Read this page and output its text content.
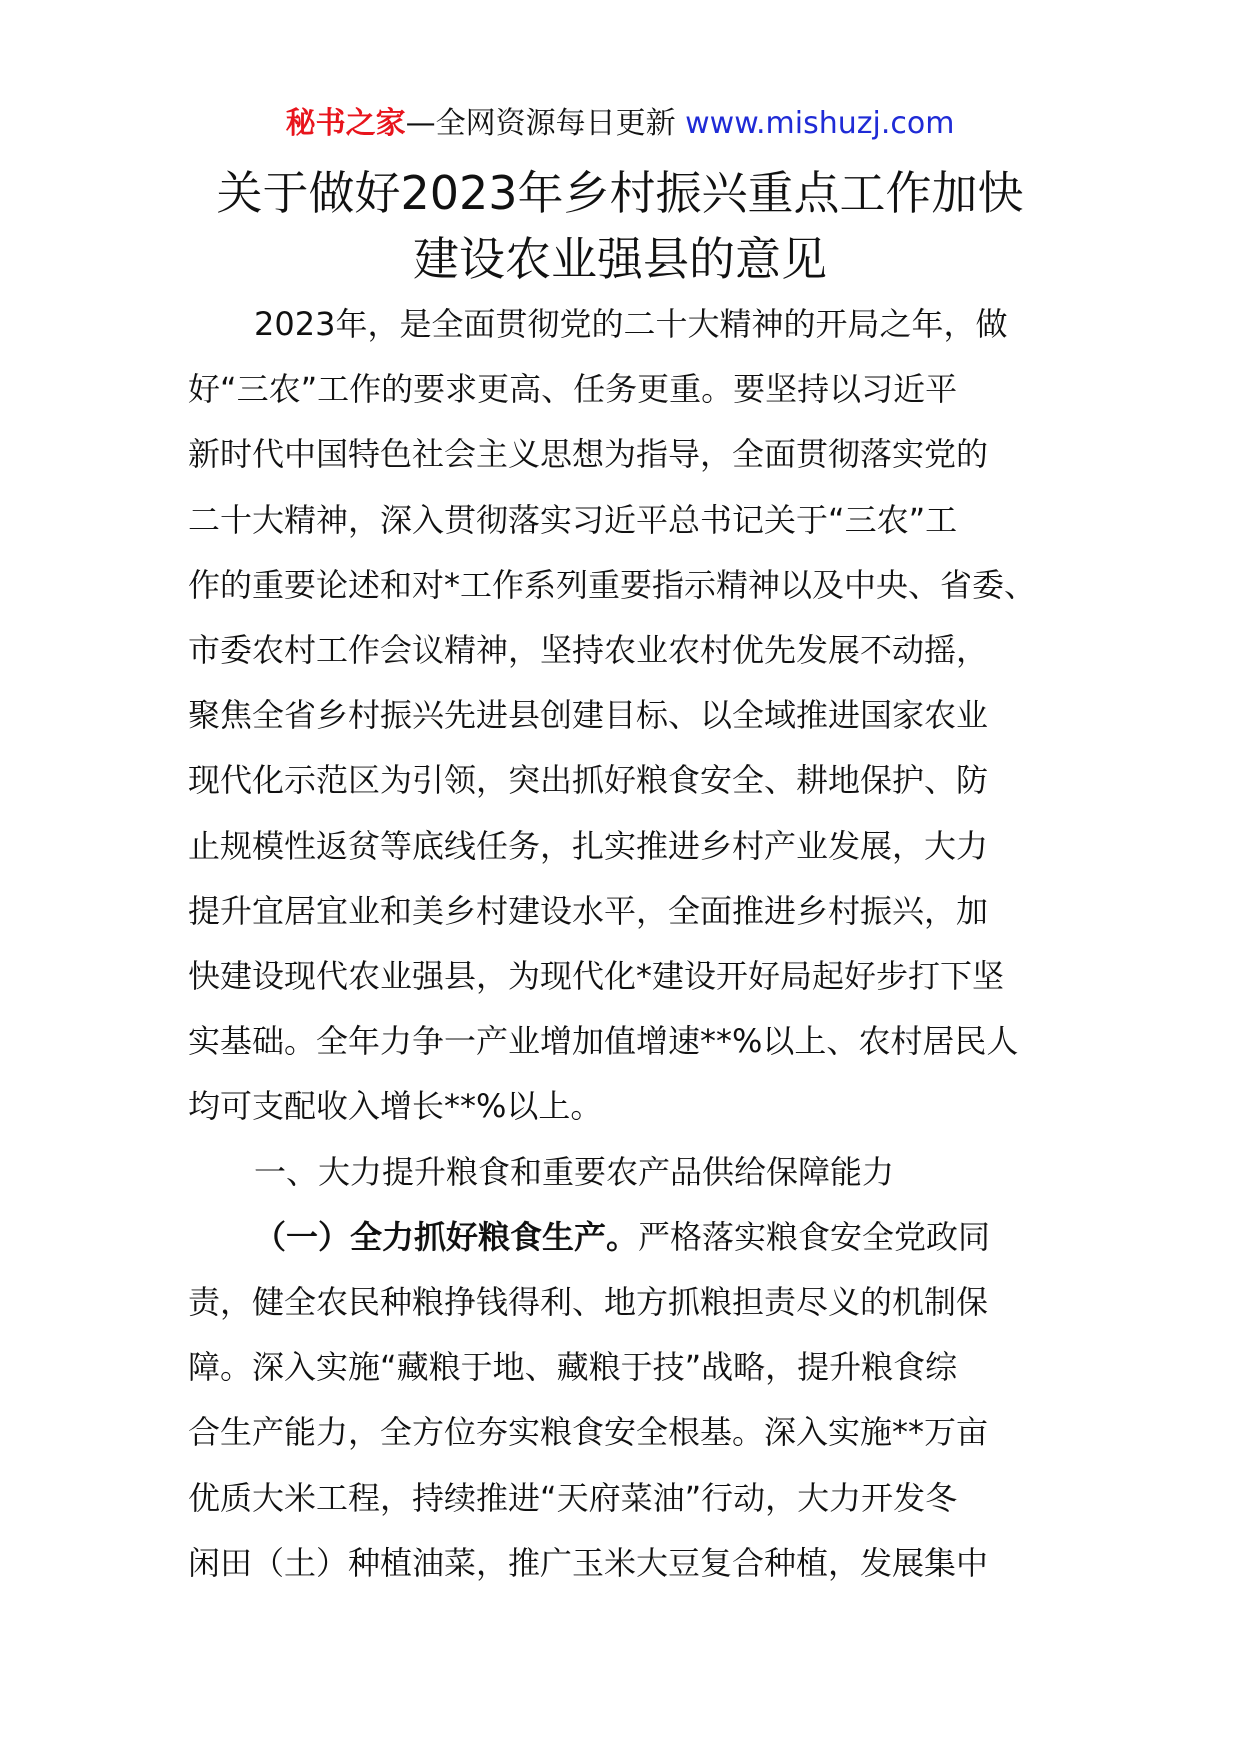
秘书之家—全网资源每日更新 www.mishuzj.com
关于做好2023年乡村振兴重点工作加快
建设农业强县的意见

2023年，是全面贯彻党的二十大精神的开局之年，做
好“三农”工作的要求更高、任务更重。要坚持以习近平
新时代中国特色社会主义思想为指导，全面贯彻落实党的
二十大精神，深入贯彻落实习近平总书记关于“三农”工
作的重要论述和对*工作系列重要指示精神以及中央、省委、
市委农村工作会议精神，坚持农业农村优先发展不动摇，
聚焦全省乡村振兴先进县创建目标、以全域推进国家农业
现代化示范区为引领，突出抓好粮食安全、耕地保护、防
止规模性返贫等底线任务，扎实推进乡村产业发展，大力
提升宜居宜业和美乡村建设水平，全面推进乡村振兴，加
快建设现代农业强县，为现代化*建设开好局起好步打下坚
实基础。全年力争一产业增加值增速**%以上、农村居民人
均可支配收入增长**%以上。

一、大力提升粮食和重要农产品供给保障能力

（一）全力抓好粮食生产。严格落实粮食安全党政同
责，健全农民种粮挣钱得利、地方抓粮担责尽义的机制保
障。深入实施“藏粮于地、藏粮于技”战略，提升粮食综
合生产能力，全方位夯实粮食安全根基。深入实施**万亩
优质大米工程，持续推进“天府菜油”行动，大力开发冬
闲田（土）种植油菜，推广玉米大豆复合种植，发展集中
